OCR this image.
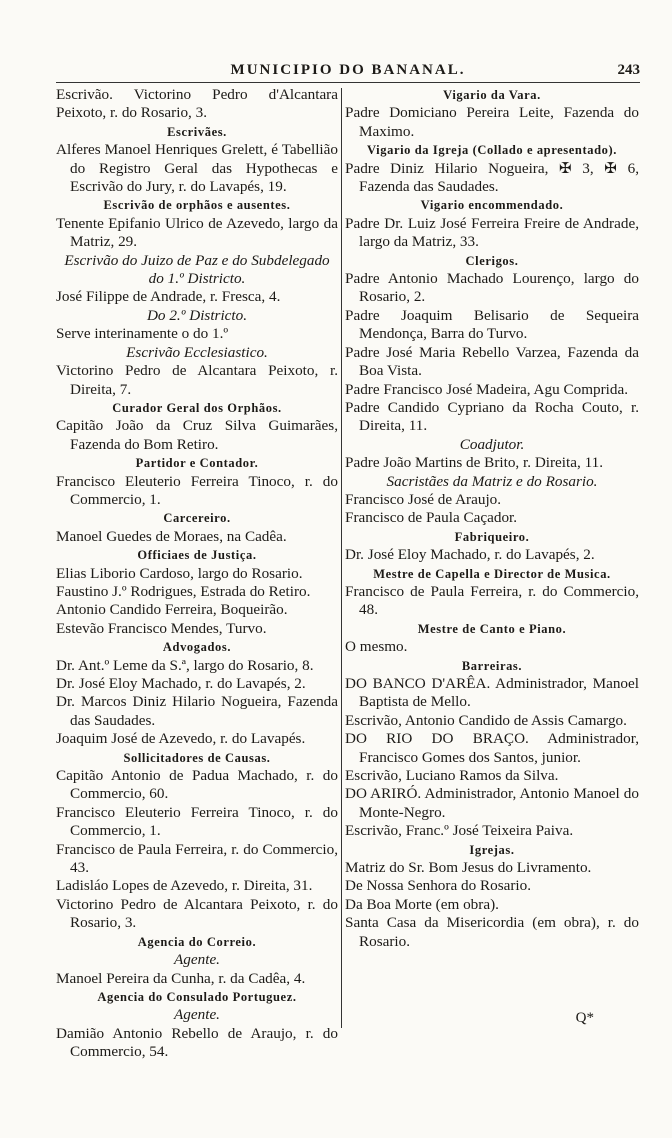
MUNICIPIO DO BANANAL.	243

Escrivão. Victorino Pedro d'Alcantara Peixoto, r. do Rosario, 3.

Escrivães.

Alferes Manoel Henriques Grelett, é Tabellião do Registro Geral das Hypothecas e Escrivão do Jury, r. do Lavapés, 19.

Escrivão de orphãos e ausentes.

Tenente Epifanio Ulrico de Azevedo, largo da Matriz, 29.

Escrivão do Juizo de Paz e do Subdelegado do 1.º Districto.

José Filippe de Andrade, r. Fresca, 4.

Do 2.º Districto.

Serve interinamente o do 1.º

Escrivão Ecclesiastico.

Victorino Pedro de Alcantara Peixoto, r. Direita, 7.

Curador Geral dos Orphãos.

Capitão João da Cruz Silva Guimarães, Fazenda do Bom Retiro.

Partidor e Contador.

Francisco Eleuterio Ferreira Tinoco, r. do Commercio, 1.

Carcereiro.

Manoel Guedes de Moraes, na Cadêa.

Officiaes de Justiça.

Elias Liborio Cardoso, largo do Rosario.

Faustino J.º Rodrigues, Estrada do Retiro.

Antonio Candido Ferreira, Boqueirão.

Estevão Francisco Mendes, Turvo.

Advogados.

Dr. Ant.º Leme da S.ª, largo do Rosario, 8.

Dr. José Eloy Machado, r. do Lavapés, 2.

Dr. Marcos Diniz Hilario Nogueira, Fazenda das Saudades.

Joaquim José de Azevedo, r. do Lavapés.

Sollicitadores de Causas.

Capitão Antonio de Padua Machado, r. do Commercio, 60.

Francisco Eleuterio Ferreira Tinoco, r. do Commercio, 1.

Francisco de Paula Ferreira, r. do Commercio, 43.

Ladisláo Lopes de Azevedo, r. Direita, 31.

Victorino Pedro de Alcantara Peixoto, r. do Rosario, 3.

Agencia do Correio.

Agente.

Manoel Pereira da Cunha, r. da Cadêa, 4.

Agencia do Consulado Portuguez.

Agente.

Damião Antonio Rebello de Araujo, r. do Commercio, 54.

Vigario da Vara.

Padre Domiciano Pereira Leite, Fazenda do Maximo.

Vigario da Igreja (Collado e apresentado).

Padre Diniz Hilario Nogueira, ✠ 3, ✠ 6, Fazenda das Saudades.

Vigario encommendado.

Padre Dr. Luiz José Ferreira Freire de Andrade, largo da Matriz, 33.

Clerigos.

Padre Antonio Machado Lourenço, largo do Rosario, 2.

Padre Joaquim Belisario de Sequeira Mendonça, Barra do Turvo.

Padre José Maria Rebello Varzea, Fazenda da Boa Vista.

Padre Francisco José Madeira, Agu Comprida.

Padre Candido Cypriano da Rocha Couto, r. Direita, 11.

Coadjutor.

Padre João Martins de Brito, r. Direita, 11.

Sacristães da Matriz e do Rosario.

Francisco José de Araujo.

Francisco de Paula Caçador.

Fabriqueiro.

Dr. José Eloy Machado, r. do Lavapés, 2.

Mestre de Capella e Director de Musica.

Francisco de Paula Ferreira, r. do Commercio, 48.

Mestre de Canto e Piano.

O mesmo.

Barreiras.

DO BANCO D'ARÊA. Administrador, Manoel Baptista de Mello.

Escrivão, Antonio Candido de Assis Camargo.

DO RIO DO BRAÇO. Administrador, Francisco Gomes dos Santos, junior.

Escrivão, Luciano Ramos da Silva.

DO ARIRÓ. Administrador, Antonio Manoel do Monte-Negro.

Escrivão, Franc.º José Teixeira Paiva.

Igrejas.

Matriz do Sr. Bom Jesus do Livramento.

De Nossa Senhora do Rosario.

Da Boa Morte (em obra).

Santa Casa da Misericordia (em obra), r. do Rosario.

Q*
